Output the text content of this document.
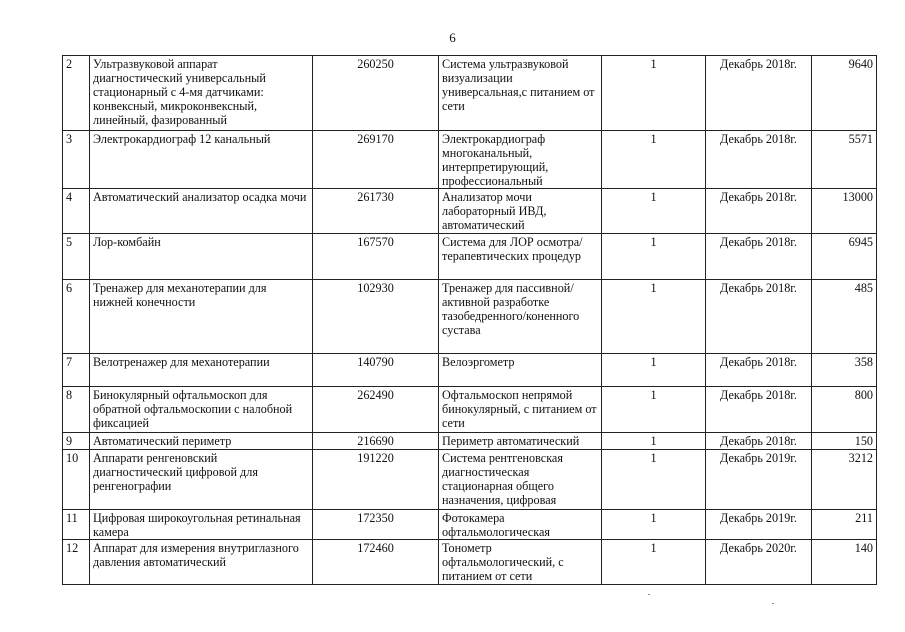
6
2	Ультразвуковой аппарат диагностический универсальный стационарный с 4-мя датчиками: конвексный, микроконвексный, линейный, фазированный	260250	Система ультразвуковой визуализации универсальная,с питанием от сети	1	Декабрь 2018г.	9640
3	Электрокардиограф 12 канальный	269170	Электрокардиограф многоканальный, интерпретирующий, профессиональный	1	Декабрь 2018г.	5571
4	Автоматический анализатор осадка мочи	261730	Анализатор мочи лабораторный ИВД, автоматический	1	Декабрь 2018г.	13000
5	Лор-комбайн	167570	Система для ЛОР осмотра/терапевтических процедур	1	Декабрь 2018г.	6945
6	Тренажер для механотерапии для нижней конечности	102930	Тренажер для пассивной/активной разработке тазобедренного/коненного сустава	1	Декабрь 2018г.	485
7	Велотренажер для механотерапии	140790	Велоэргометр	1	Декабрь 2018г.	358
8	Бинокулярный офтальмоскоп для обратной офтальмоскопии с налобной фиксацией	262490	Офтальмоскоп непрямой бинокулярный, с питанием от сети	1	Декабрь 2018г.	800
9	Автоматический периметр	216690	Периметр автоматический	1	Декабрь 2018г.	150
10	Аппарати ренгеновский диагностический цифровой для ренгенографии	191220	Система рентгеновская диагностическая стационарная общего назначения, цифровая	1	Декабрь 2019г.	3212
11	Цифровая широкоугольная ретинальная камера	172350	Фотокамера офтальмологическая	1	Декабрь 2019г.	211
12	Аппарат для измерения внутриглазного давления автоматический	172460	Тонометр офтальмологический, с питанием от сети	1	Декабрь 2020г.	140
